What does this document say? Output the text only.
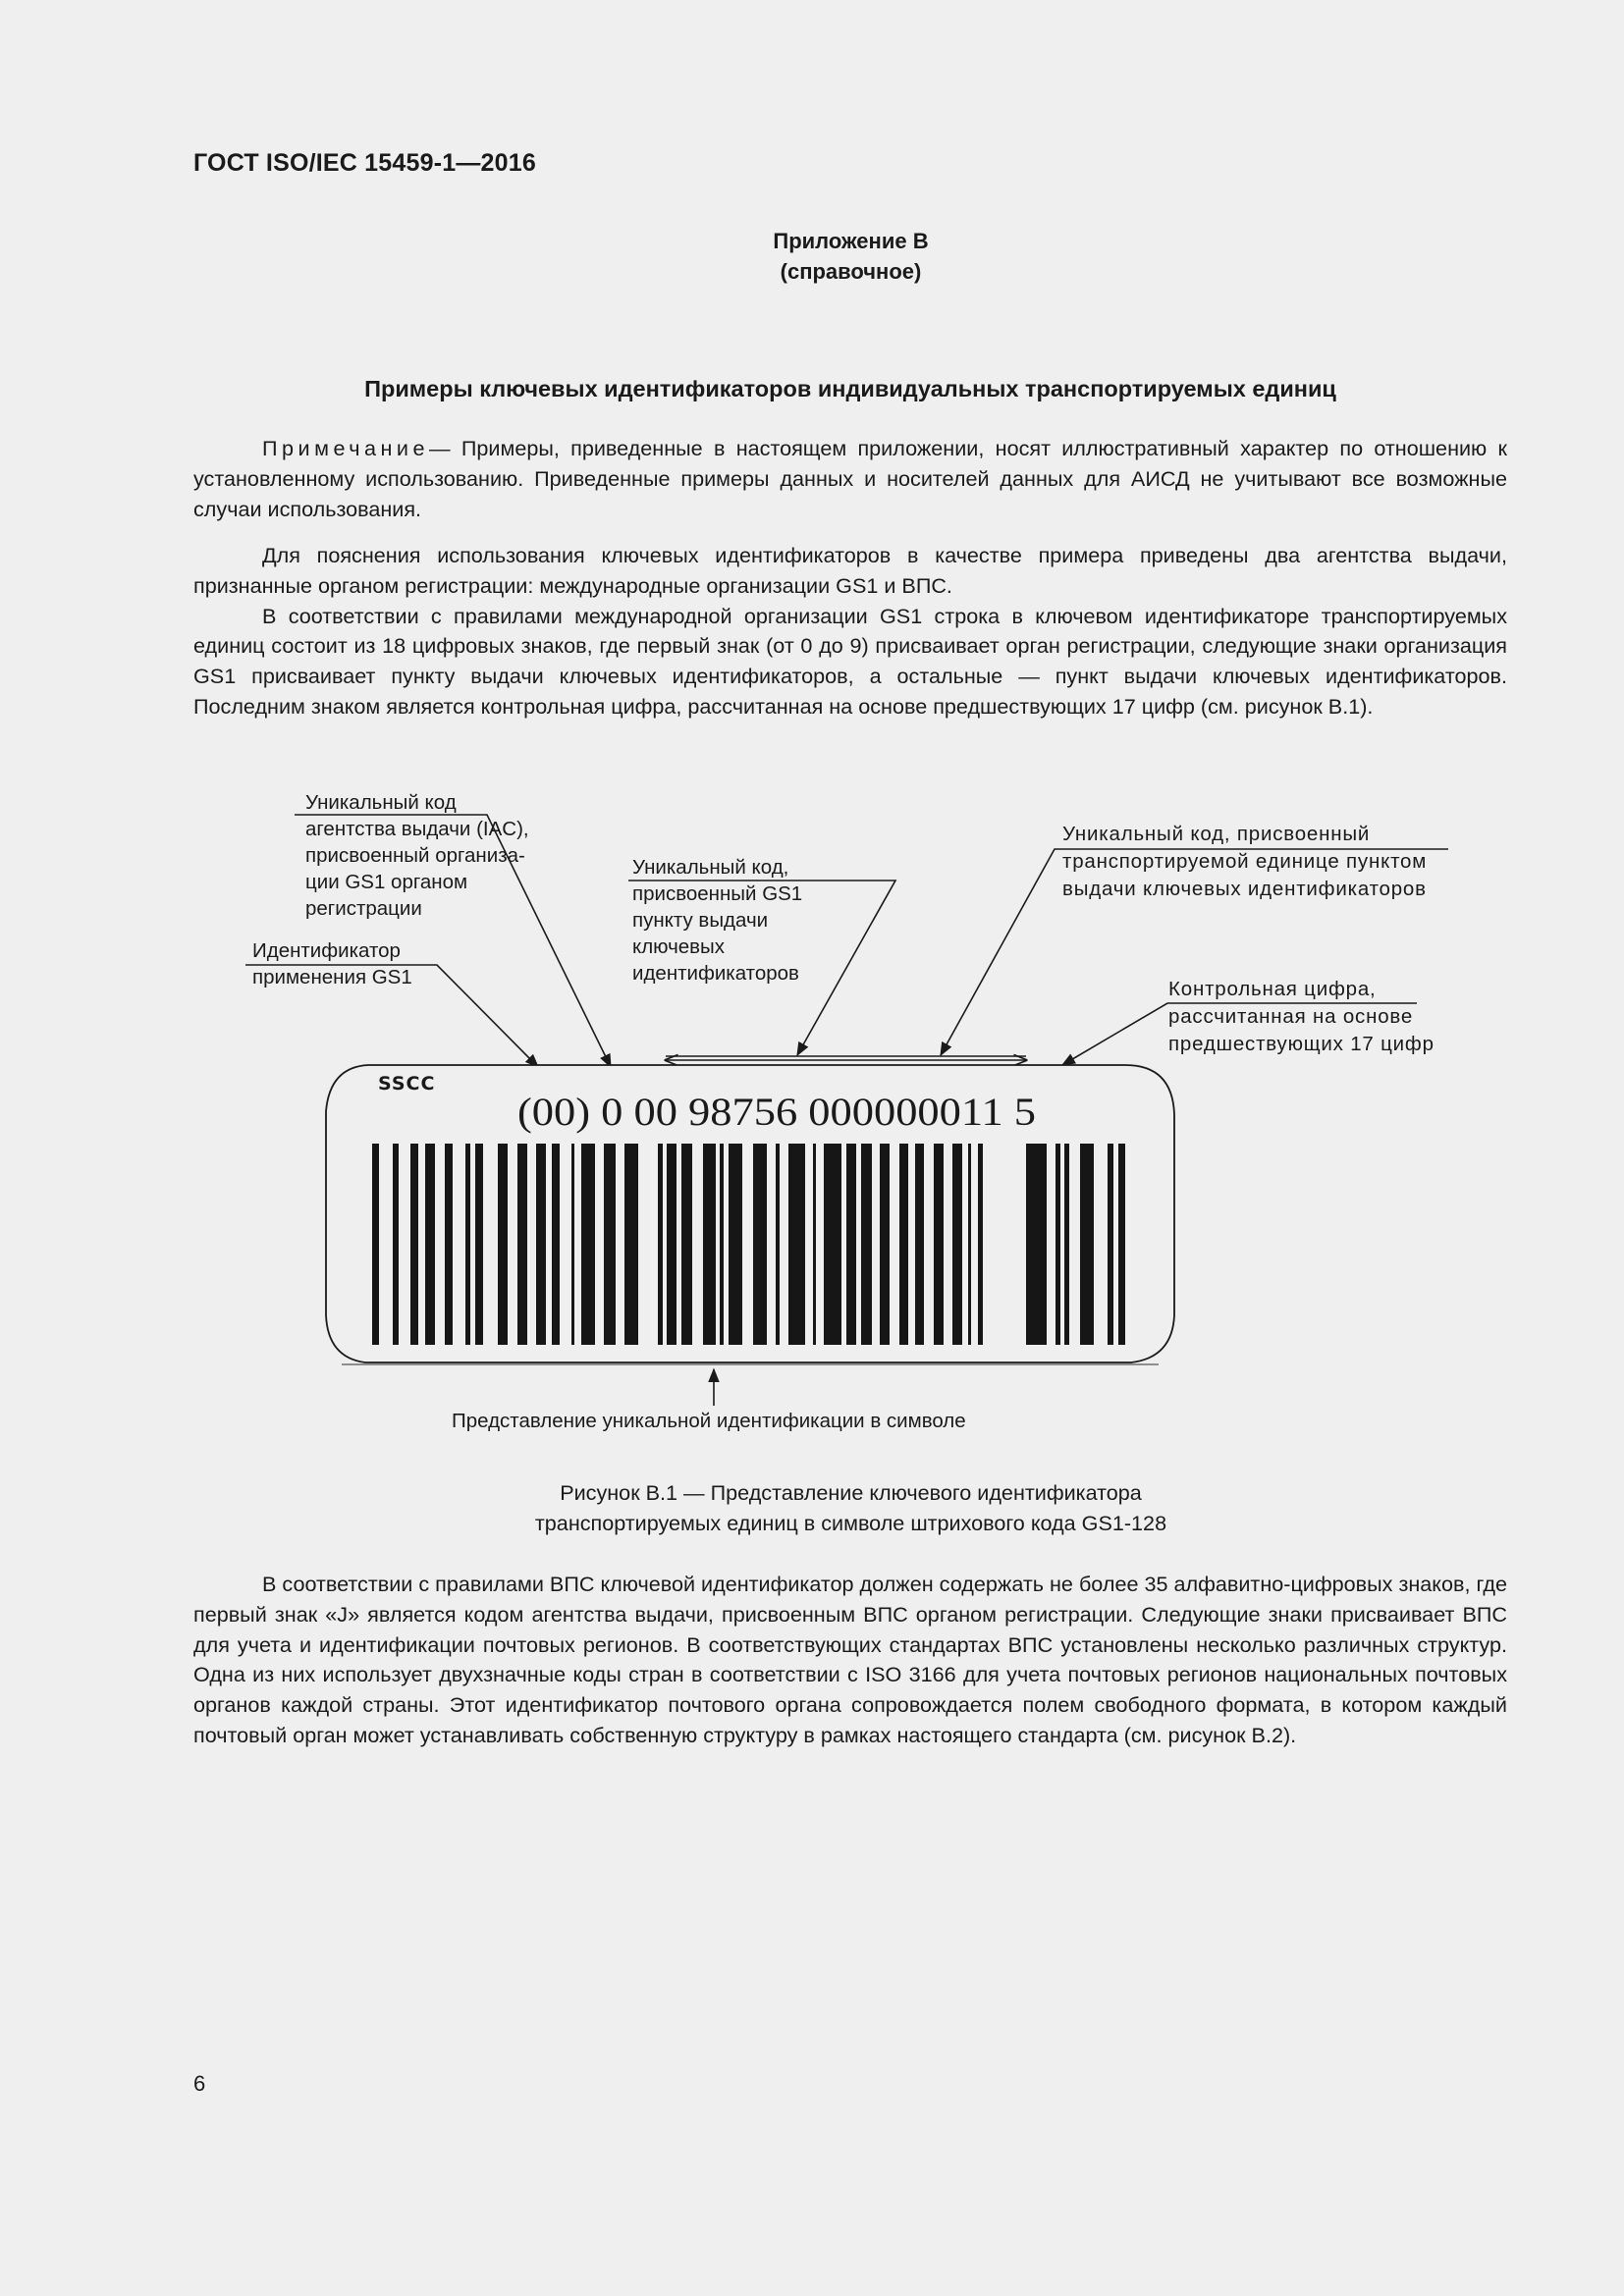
ГОСТ ISO/IEC 15459-1—2016
Приложение В
(справочное)
Примеры ключевых идентификаторов индивидуальных транспортируемых единиц

Примечание— Примеры, приведенные в настоящем приложении, носят иллюстративный характер по отношению к установленному использованию. Приведенные примеры данных и носителей данных для АИСД не учитывают все возможные случаи использования.

Для пояснения использования ключевых идентификаторов в качестве примера приведены два агентства выдачи, признанные органом регистрации: международные организации GS1 и ВПС.

В соответствии с правилами международной организации GS1 строка в ключевом идентификаторе транспортируемых единиц состоит из 18 цифровых знаков, где первый знак (от 0 до 9) присваивает орган регистрации, следующие знаки организация GS1 присваивает пункту выдачи ключевых идентификаторов, а остальные — пункт выдачи ключевых идентификаторов. Последним знаком является контрольная цифра, рассчитанная на основе предшествующих 17 цифр (см. рисунок В.1).

Уникальный код
агентства выдачи (IAC),
присвоенный организа-
ции GS1 органом
регистрации
Идентификатор
применения GS1
Уникальный код,
присвоенный GS1
пункту выдачи
ключевых
идентификаторов
Уникальный код, присвоенный
транспортируемой единице пунктом
выдачи ключевых идентификаторов
Контрольная цифра,
рассчитанная на основе
предшествующих 17 цифр
SSCC
(00) 0 00 98756 000000011 5
Представление уникальной идентификации в символе
Рисунок В.1 — Представление ключевого идентификатора
транспортируемых единиц в символе штрихового кода GS1-128

В соответствии с правилами ВПС ключевой идентификатор должен содержать не более 35 алфавитно-цифровых знаков, где первый знак «J» является кодом агентства выдачи, присвоенным ВПС органом регистрации. Следующие знаки присваивает ВПС для учета и идентификации почтовых регионов. В соответствующих стандартах ВПС установлены несколько различных структур. Одна из них использует двухзначные коды стран в соответствии с ISO 3166 для учета почтовых регионов национальных почтовых органов каждой страны. Этот идентификатор почтового органа сопровождается полем свободного формата, в котором каждый почтовый орган может устанавливать собственную структуру в рамках настоящего стандарта (см. рисунок В.2).

6
